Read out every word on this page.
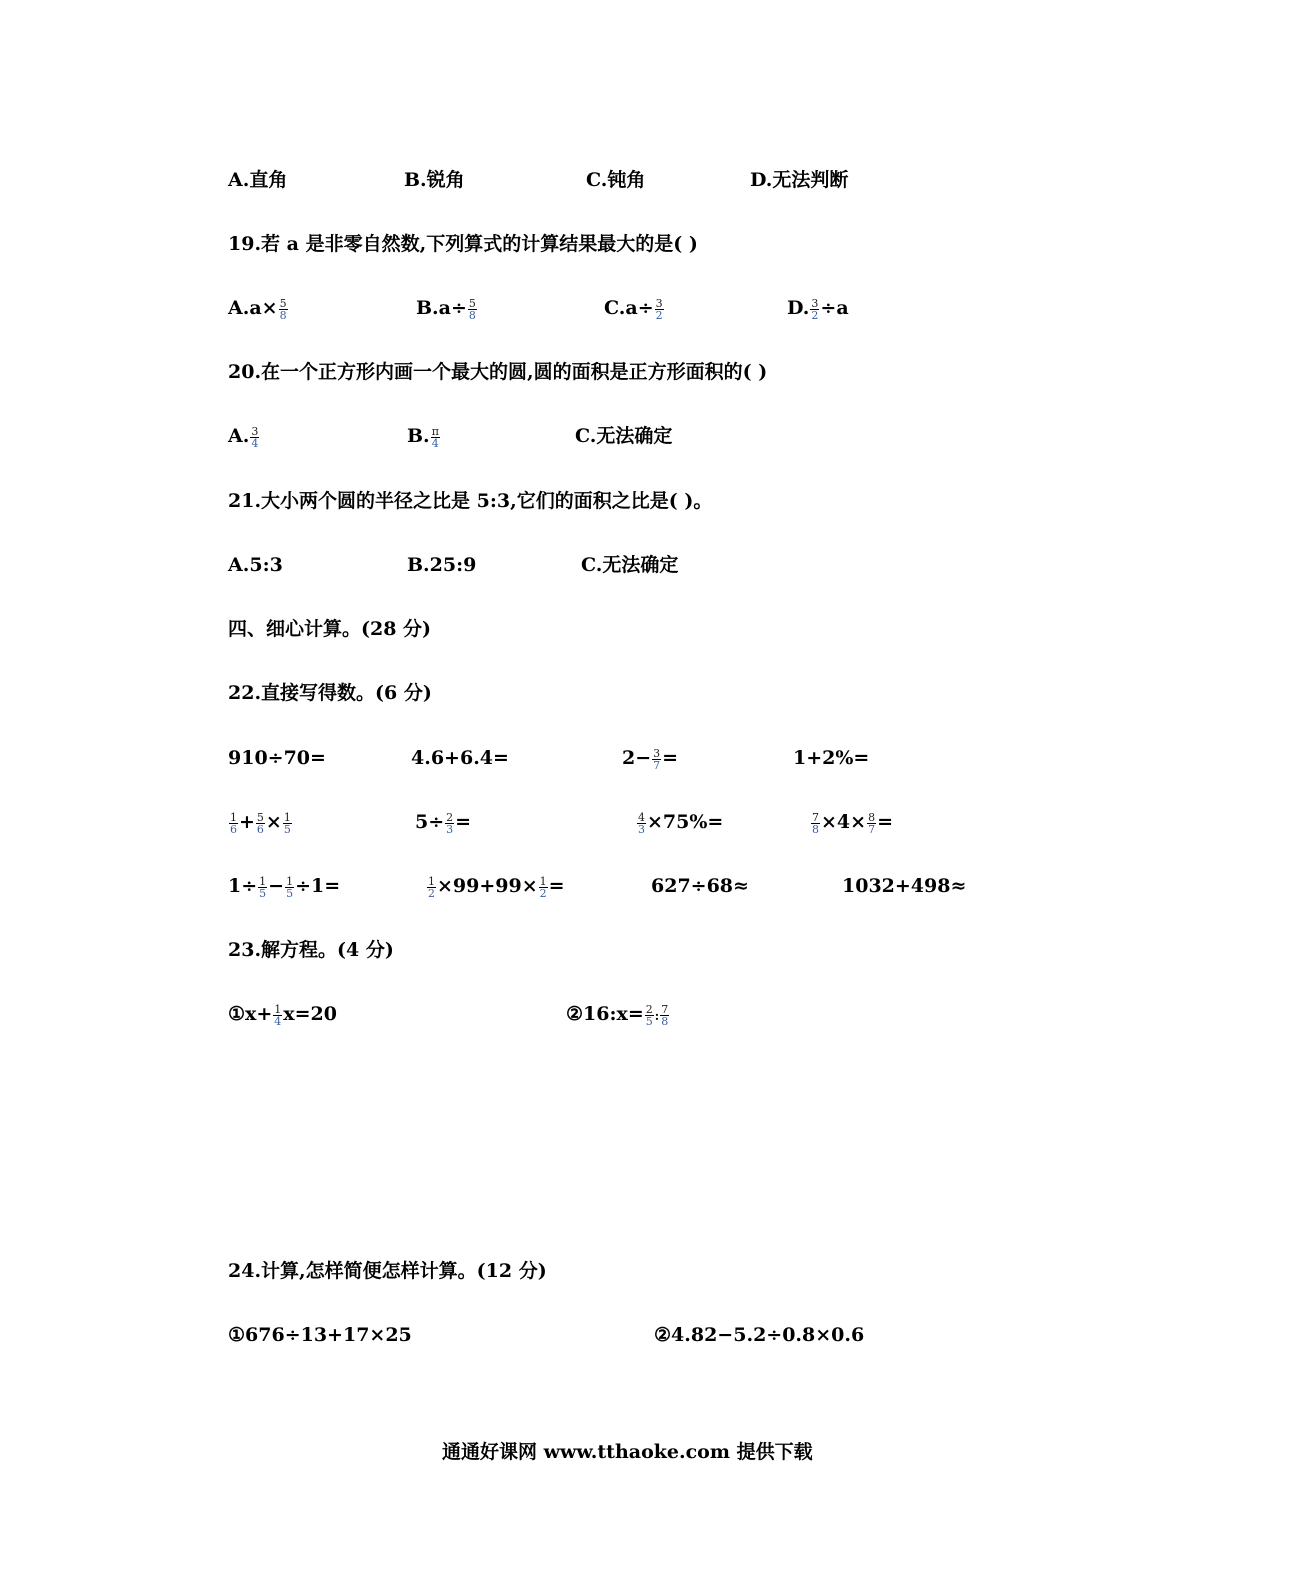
A.直角	B.锐角	C.钝角	D.无法判断
19.若 a 是非零自然数,下列算式的计算结果最大的是( )
$A.a\times \frac{5}{8}$	$B.a\div \frac{5}{8}$	$C.a\div \frac{3}{2}$	D. $\frac{3}{2} \div a$
20.在一个正方形内画一个最大的圆,圆的面积是正方形面积的( )
A. $\frac{3}{4}$	B. $\frac{\pi}{4}$	C.无法确定
21.大小两个圆的半径之比是 5:3,它们的面积之比是( )。
A.5:3	B.25:9	C.无法确定
四、细心计算。(28 分)
22.直接写得数。(6 分)
910÷70=	4.6+6.4=	$2- \frac{3}{7}$ =	1+2%=
$\frac{1}{6} + \frac{5}{6} \times \frac{1}{5}$	$5\div \frac{2}{3}$ =	$\frac{4}{3} \times 75\%=$	$\frac{7}{8} \times 4\times \frac{8}{7}$ =
$1\div \frac{1}{5} - \frac{1}{5} \div 1=$	$\frac{1}{2} \times 99+99\times \frac{1}{2}$ =	627÷68≈	1032+498≈
23.解方程。(4 分)
①x+ $\frac{1}{4} x=20$	②16:x= $\frac{2}{5}$ : $\frac{7}{8}$
24.计算,怎样简便怎样计算。(12 分)
①676÷13+17×25	②4.82−5.2÷0.8×0.6
通通好课网 www.tthaoke.com 提供下载
